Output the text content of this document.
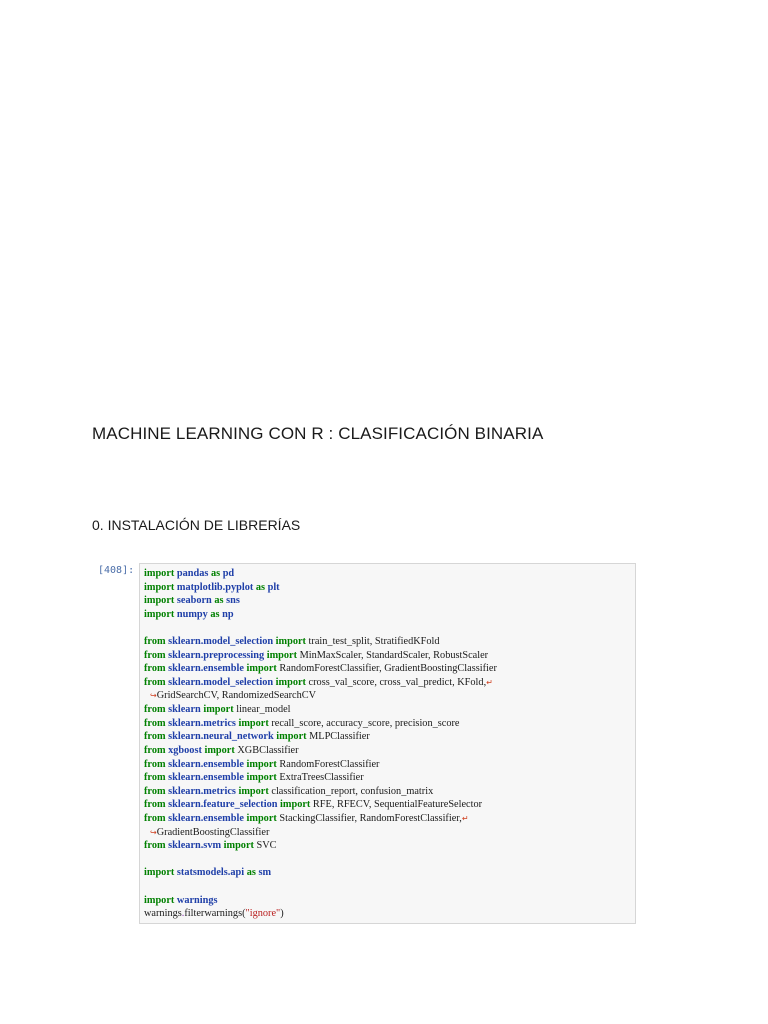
MACHINE LEARNING CON R : CLASIFICACIÓN BINARIA
0. INSTALACIÓN DE LIBRERÍAS
[408]: import pandas as pd
import matplotlib.pyplot as plt
import seaborn as sns
import numpy as np

from sklearn.model_selection import train_test_split, StratifiedKFold
from sklearn.preprocessing import MinMaxScaler, StandardScaler, RobustScaler
from sklearn.ensemble import RandomForestClassifier, GradientBoostingClassifier
from sklearn.model_selection import cross_val_score, cross_val_predict, KFold,↵
↪GridSearchCV, RandomizedSearchCV
from sklearn import linear_model
from sklearn.metrics import recall_score, accuracy_score, precision_score
from sklearn.neural_network import MLPClassifier
from xgboost import XGBClassifier
from sklearn.ensemble import RandomForestClassifier
from sklearn.ensemble import ExtraTreesClassifier
from sklearn.metrics import classification_report, confusion_matrix
from sklearn.feature_selection import RFE, RFECV, SequentialFeatureSelector
from sklearn.ensemble import StackingClassifier, RandomForestClassifier,↵
↪GradientBoostingClassifier
from sklearn.svm import SVC

import statsmodels.api as sm

import warnings
warnings.filterwarnings("ignore")
